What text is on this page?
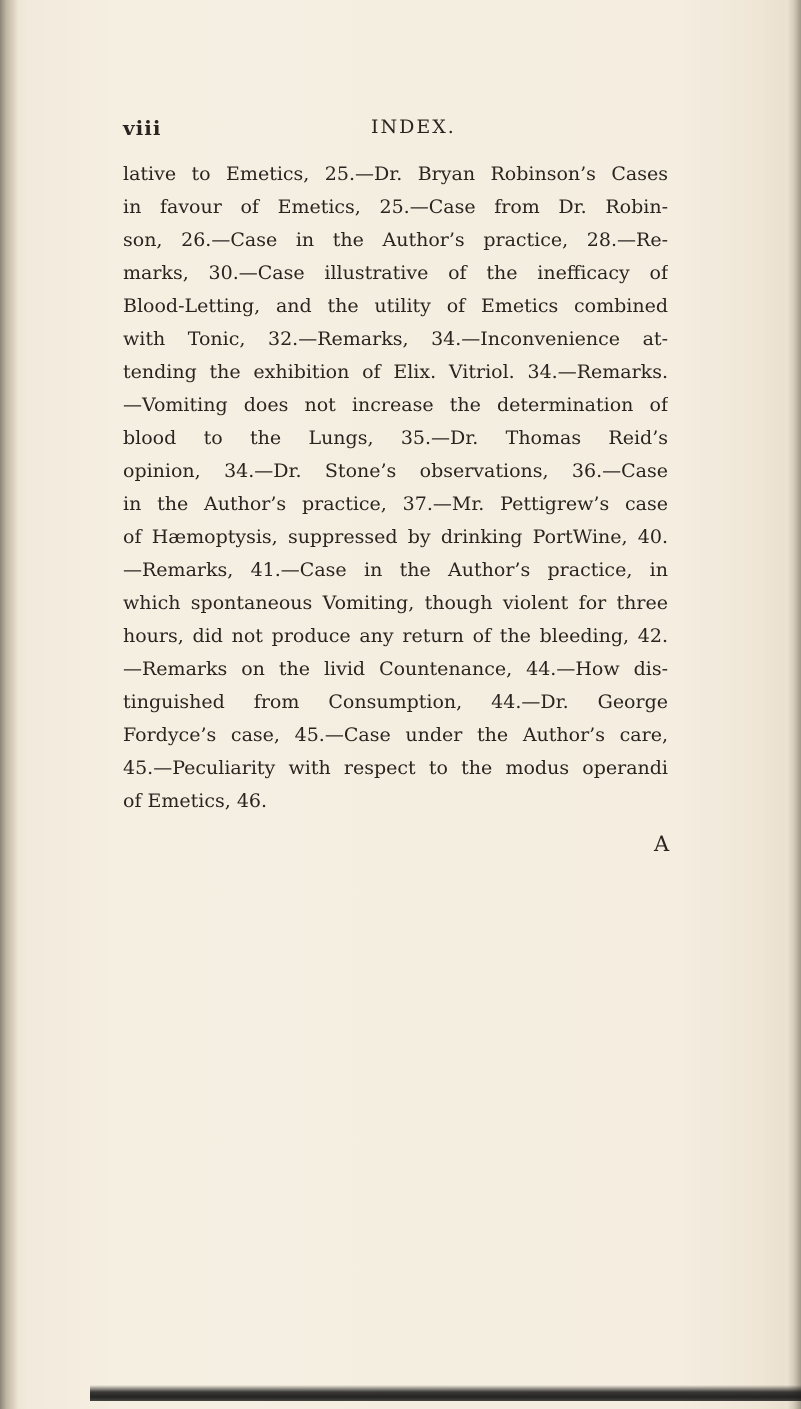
viii	INDEX.
lative to Emetics, 25.—Dr. Bryan Robinson’s Cases
in favour of Emetics, 25.—Case from Dr. Robin-
son, 26.—Case in the Author’s practice, 28.—Re-
marks, 30.—Case illustrative of the inefficacy of
Blood-Letting, and the utility of Emetics combined
with Tonic, 32.—Remarks, 34.—Inconvenience at-
tending the exhibition of Elix. Vitriol. 34.—Remarks.
—Vomiting does not increase the determination of
blood to the Lungs, 35.—Dr. Thomas Reid’s
opinion, 34.—Dr. Stone’s observations, 36.—Case
in the Author’s practice, 37.—Mr. Pettigrew’s case
of Hæmoptysis, suppressed by drinking PortWine, 40.
—Remarks, 41.—Case in the Author’s practice, in
which spontaneous Vomiting, though violent for three
hours, did not produce any return of the bleeding, 42.
—Remarks on the livid Countenance, 44.—How dis-
tinguished from Consumption, 44.—Dr. George
Fordyce’s case, 45.—Case under the Author’s care,
45.—Peculiarity with respect to the modus operandi
of Emetics, 46.
A
